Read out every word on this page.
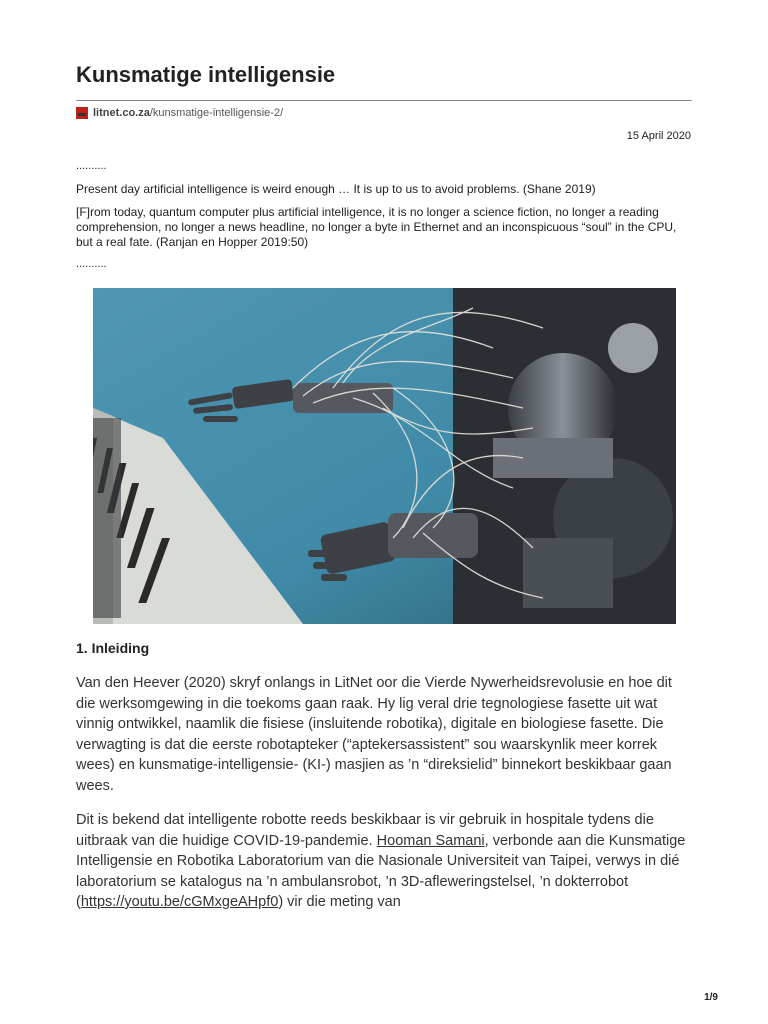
Kunsmatige intelligensie
litnet.co.za/kunsmatige-intelligensie-2/
15 April 2020
..........
Present day artificial intelligence is weird enough … It is up to us to avoid problems. (Shane 2019)
[F]rom today, quantum computer plus artificial intelligence, it is no longer a science fiction, no longer a reading comprehension, no longer a news headline, no longer a byte in Ethernet and an inconspicuous “soul” in the CPU, but a real fate. (Ranjan en Hopper 2019:50)
..........
1. Inleiding

Van den Heever (2020) skryf onlangs in LitNet oor die Vierde Nywerheidsrevolusie en hoe dit die werksomgewing in die toekoms gaan raak. Hy lig veral drie tegnologiese fasette uit wat vinnig ontwikkel, naamlik die fisiese (insluitende robotika), digitale en biologiese fasette. Die verwagting is dat die eerste robotapteker (“aptekersassistent” sou waarskynlik meer korrek wees) en kunsmatige-intelligensie- (KI-) masjien as ’n “direksielid” binnekort beskikbaar gaan wees.

Dit is bekend dat intelligente robotte reeds beskikbaar is vir gebruik in hospitale tydens die uitbraak van die huidige COVID-19-pandemie. Hooman Samani, verbonde aan die Kunsmatige Intelligensie en Robotika Laboratorium van die Nasionale Universiteit van Taipei, verwys in dié laboratorium se katalogus na ’n ambulansrobot, ’n 3D-afleweringstelsel, ’n dokterrobot (https://youtu.be/cGMxgeAHpf0) vir die meting van

1/9
